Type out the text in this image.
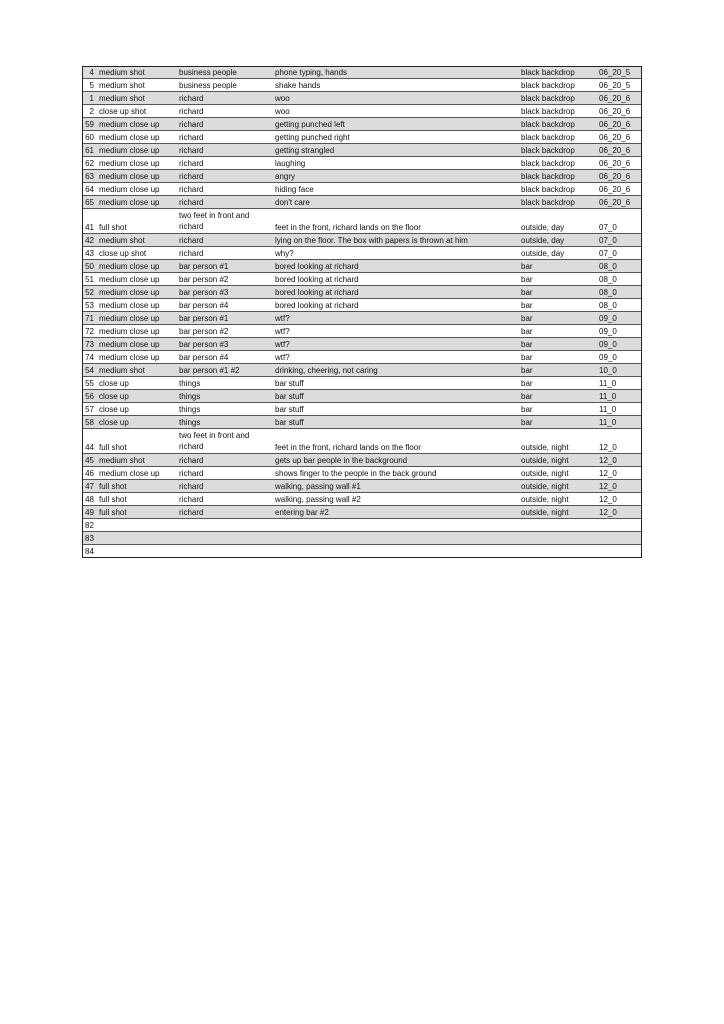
4	medium shot	business people	phone typing, hands	black backdrop	06_20_5
5	medium shot	business people	shake hands	black backdrop	06_20_5
1	medium shot	richard	woo	black backdrop	06_20_6
2	close up shot	richard	woo	black backdrop	06_20_6
59	medium close up	richard	getting punched left	black backdrop	06_20_6
60	medium close up	richard	getting punched right	black backdrop	06_20_6
61	medium close up	richard	getting strangled	black backdrop	06_20_6
62	medium close up	richard	laughing	black backdrop	06_20_6
63	medium close up	richard	angry	black backdrop	06_20_6
64	medium close up	richard	hiding face	black backdrop	06_20_6
65	medium close up	richard	don't care	black backdrop	06_20_6
41	full shot	two feet in front and richard	feet in the front, richard lands on the floor	outside, day	07_0
42	medium shot	richard	lying on the floor. The box with papers is thrown at him	outside, day	07_0
43	close up shot	richard	why?	outside, day	07_0
50	medium close up	bar person #1	bored looking at richard	bar	08_0
51	medium close up	bar person #2	bored looking at richard	bar	08_0
52	medium close up	bar person #3	bored looking at richard	bar	08_0
53	medium close up	bar person #4	bored looking at richard	bar	08_0
71	medium close up	bar person #1	wtf?	bar	09_0
72	medium close up	bar person #2	wtf?	bar	09_0
73	medium close up	bar person #3	wtf?	bar	09_0
74	medium close up	bar person #4	wtf?	bar	09_0
54	medium shot	bar person #1 #2	drinking, cheering, not caring	bar	10_0
55	close up	things	bar stuff	bar	11_0
56	close up	things	bar stuff	bar	11_0
57	close up	things	bar stuff	bar	11_0
58	close up	things	bar stuff	bar	11_0
44	full shot	two feet in front and richard	feet in the front, richard lands on the floor	outside, night	12_0
45	medium shot	richard	gets up bar people in the background	outside, night	12_0
46	medium close up	richard	shows finger to the people in the back ground	outside, night	12_0
47	full shot	richard	walking, passing wall #1	outside, night	12_0
48	full shot	richard	walking, passing wall #2	outside, night	12_0
49	full shot	richard	entering bar #2	outside, night	12_0
82					
83					
84					
